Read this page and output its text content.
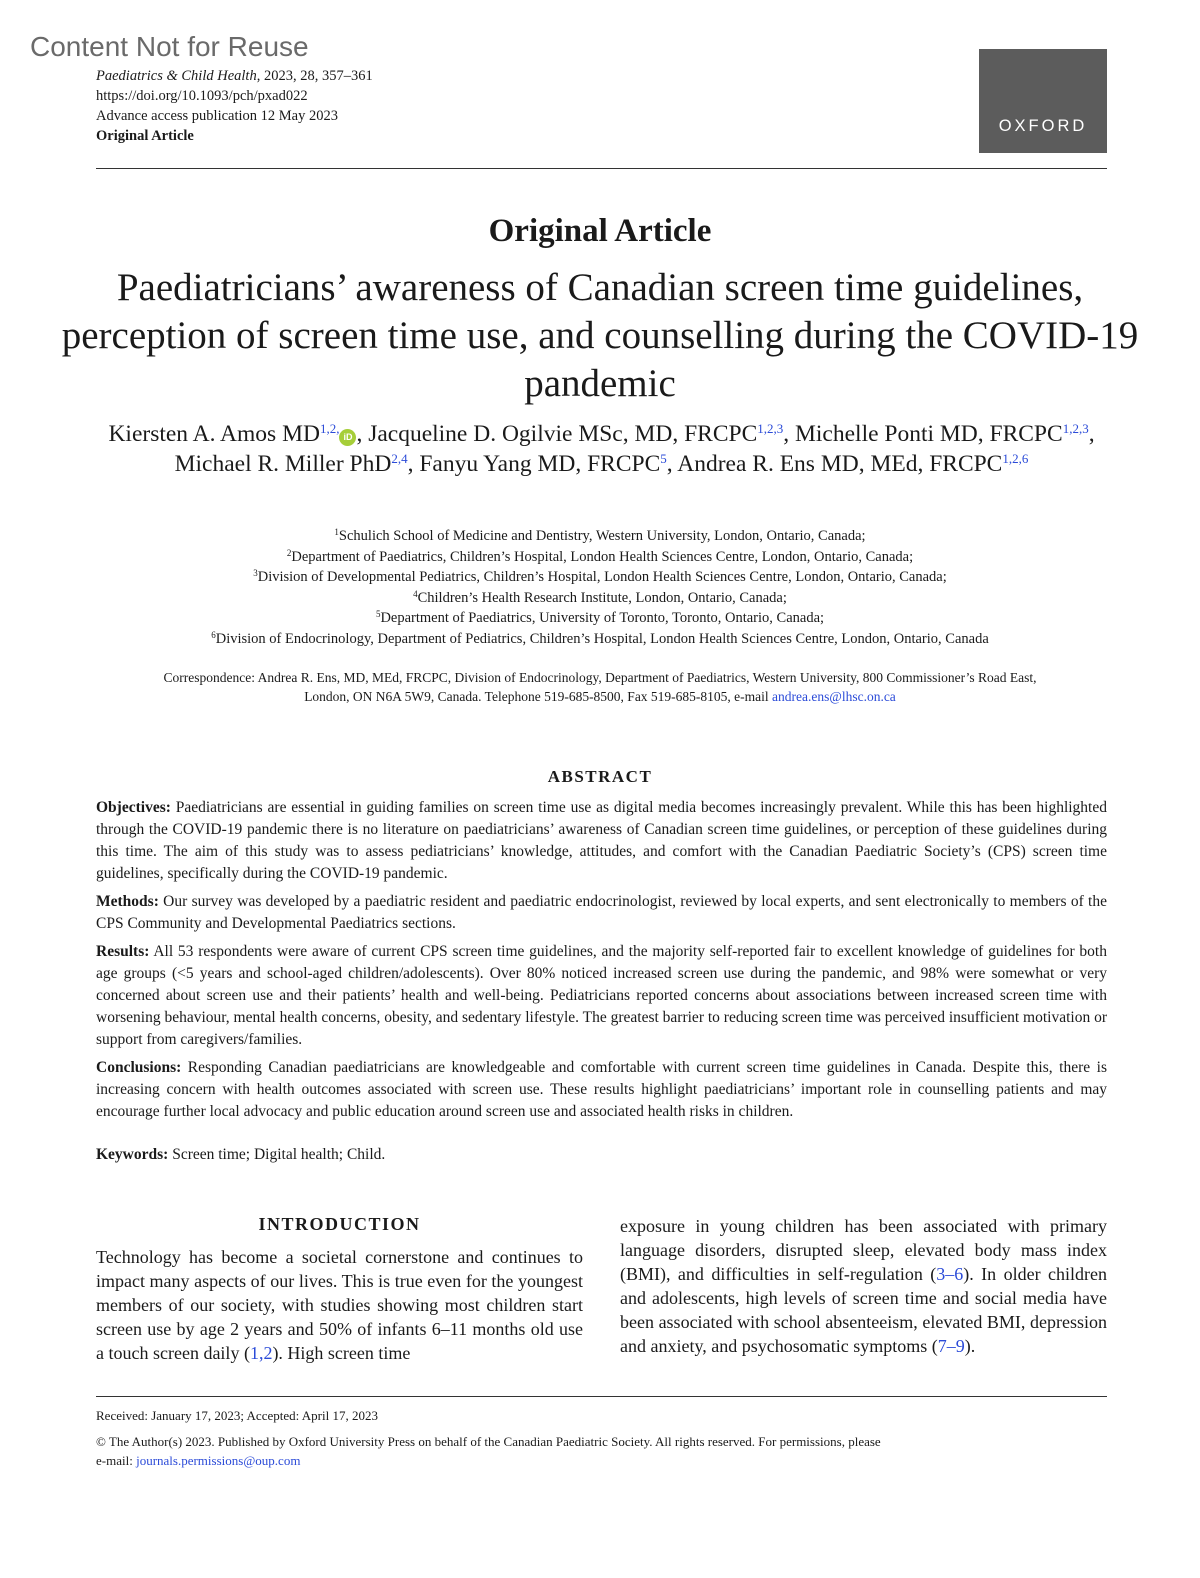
Content Not for Reuse
Paediatrics & Child Health, 2023, 28, 357–361
https://doi.org/10.1093/pch/pxad022
Advance access publication 12 May 2023
Original Article
OXFORD
Original Article
Paediatricians’ awareness of Canadian screen time guidelines, perception of screen time use, and counselling during the COVID-19 pandemic
Kiersten A. Amos $MD^{1,2,}iD$ , Jacqueline D. Ogilvie MSc, MD, FRCPC$^{1,2,3}$, Michelle Ponti MD, FRCPC$^{1,2,3}$, Michael R. Miller PhD$^{2,4}$, Fanyu Yang MD, FRCPC$^5$, Andrea R. Ens MD, MEd, FRCPC$^{1,2,6}$
$^1$Schulich School of Medicine and Dentistry, Western University, London, Ontario, Canada;
$^2$Department of Paediatrics, Children’s Hospital, London Health Sciences Centre, London, Ontario, Canada;
$^3$Division of Developmental Pediatrics, Children’s Hospital, London Health Sciences Centre, London, Ontario, Canada;
$^4$Children’s Health Research Institute, London, Ontario, Canada;
$^5$Department of Paediatrics, University of Toronto, Toronto, Ontario, Canada;
$^6$Division of Endocrinology, Department of Pediatrics, Children’s Hospital, London Health Sciences Centre, London, Ontario, Canada
Correspondence: Andrea R. Ens, MD, MEd, FRCPC, Division of Endocrinology, Department of Paediatrics, Western University, 800 Commissioner’s Road East,
London, ON N6A 5W9, Canada. Telephone 519-685-8500, Fax 519-685-8105, e-mail andrea.ens@lhsc.on.ca
ABSTRACT

Objectives: Paediatricians are essential in guiding families on screen time use as digital media becomes increasingly prevalent. While this has been highlighted through the COVID-19 pandemic there is no literature on paediatricians’ awareness of Canadian screen time guidelines, or perception of these guidelines during this time. The aim of this study was to assess pediatricians’ knowledge, attitudes, and comfort with the Canadian Paediatric Society’s (CPS) screen time guidelines, specifically during the COVID-19 pandemic.

Methods: Our survey was developed by a paediatric resident and paediatric endocrinologist, reviewed by local experts, and sent electronically to members of the CPS Community and Developmental Paediatrics sections.

Results: All 53 respondents were aware of current CPS screen time guidelines, and the majority self-reported fair to excellent knowledge of guidelines for both age groups (<5 years and school-aged children/adolescents). Over 80% noticed increased screen use during the pandemic, and 98% were somewhat or very concerned about screen use and their patients’ health and well-being. Pediatricians reported concerns about associations between increased screen time with worsening behaviour, mental health concerns, obesity, and sedentary lifestyle. The greatest barrier to reducing screen time was perceived insufficient motivation or support from caregivers/families.

Conclusions: Responding Canadian paediatricians are knowledgeable and comfortable with current screen time guidelines in Canada. Despite this, there is increasing concern with health outcomes associated with screen use. These results highlight paediatricians’ important role in counselling patients and may encourage further local advocacy and public education around screen use and associated health risks in children.

Keywords: Screen time; Digital health; Child.
INTRODUCTION

Technology has become a societal cornerstone and continues to impact many aspects of our lives. This is true even for the youngest members of our society, with studies showing most children start screen use by age 2 years and 50% of infants 6–11 months old use a touch screen daily (1,2). High screen time

exposure in young children has been associated with primary language disorders, disrupted sleep, elevated body mass index (BMI), and difficulties in self-regulation (3–6). In older children and adolescents, high levels of screen time and social media have been associated with school absenteeism, elevated BMI, depression and anxiety, and psychosomatic symptoms (7–9).

Received: January 17, 2023; Accepted: April 17, 2023
© The Author(s) 2023. Published by Oxford University Press on behalf of the Canadian Paediatric Society. All rights reserved. For permissions, please
e-mail: journals.permissions@oup.com
